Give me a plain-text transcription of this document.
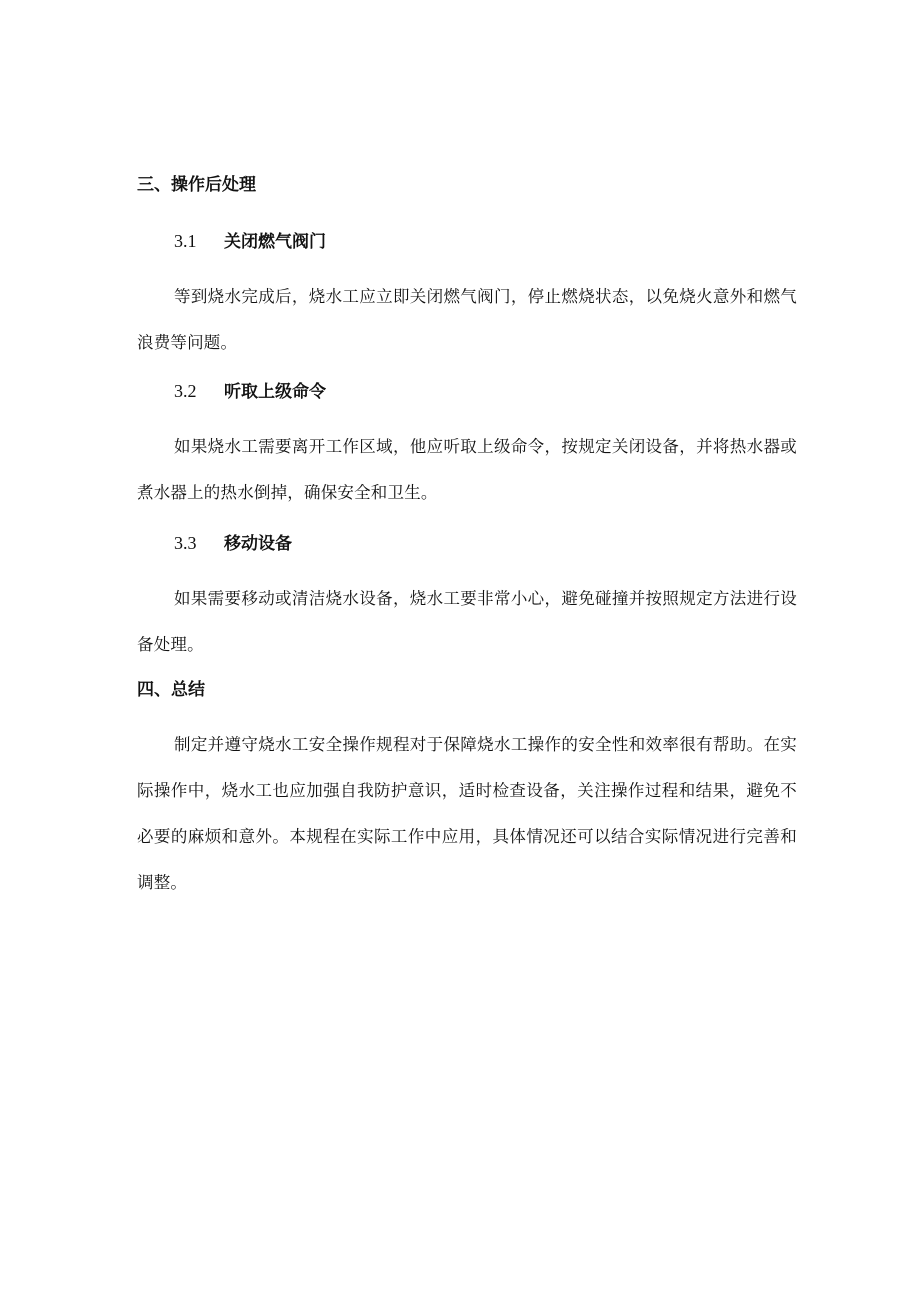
三、操作后处理
3.1 关闭燃气阀门

等到烧水完成后，烧水工应立即关闭燃气阀门，停止燃烧状态，以免烧火意外和燃气浪费等问题。

3.2 听取上级命令

如果烧水工需要离开工作区域，他应听取上级命令，按规定关闭设备，并将热水器或煮水器上的热水倒掉，确保安全和卫生。

3.3 移动设备

如果需要移动或清洁烧水设备，烧水工要非常小心，避免碰撞并按照规定方法进行设备处理。

四、总结

制定并遵守烧水工安全操作规程对于保障烧水工操作的安全性和效率很有帮助。在实际操作中，烧水工也应加强自我防护意识，适时检查设备，关注操作过程和结果，避免不必要的麻烦和意外。本规程在实际工作中应用，具体情况还可以结合实际情况进行完善和调整。
